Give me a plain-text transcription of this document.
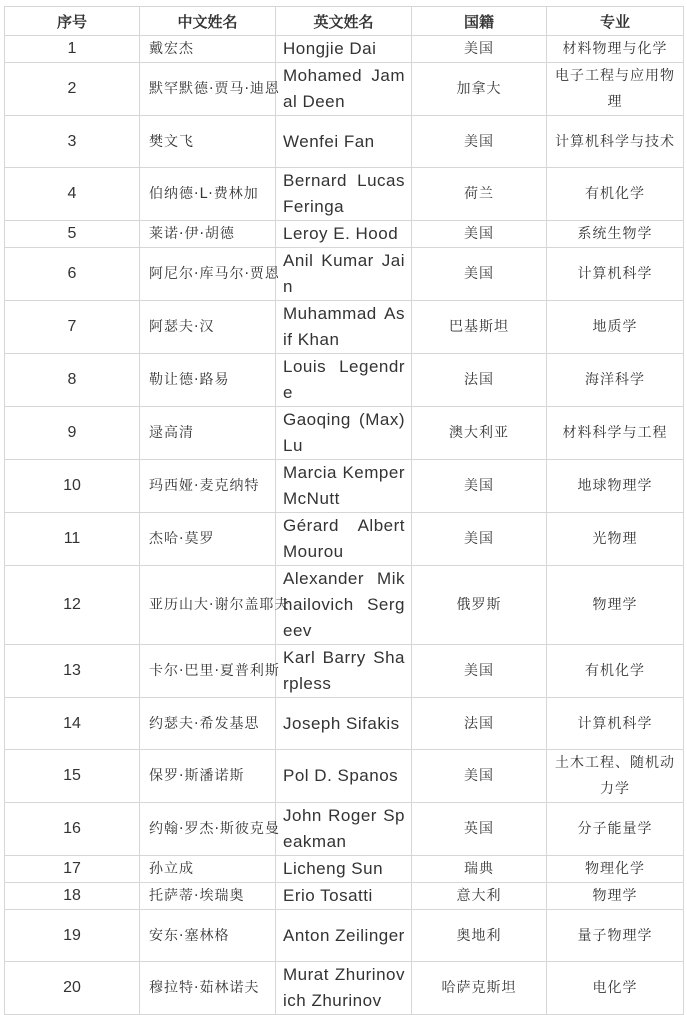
序号	中文姓名	英文姓名	国籍	专业
1	戴宏杰	Hongjie Dai	美国	材料物理与化学
2	默罕默德·贾马·迪恩	Mohamed Jamal Deen	加拿大	电子工程与应用物理
3	樊文飞	Wenfei Fan	美国	计算机科学与技术
4	伯纳德·L·费林加	Bernard Lucas Feringa	荷兰	有机化学
5	莱诺·伊·胡德	Leroy E. Hood	美国	系统生物学
6	阿尼尔·库马尔·贾恩	Anil Kumar Jain	美国	计算机科学
7	阿瑟夫·汉	Muhammad Asif Khan	巴基斯坦	地质学
8	勒让德·路易	Louis Legendre	法国	海洋科学
9	逯高清	Gaoqing (Max) Lu	澳大利亚	材料科学与工程
10	玛西娅·麦克纳特	Marcia Kemper McNutt	美国	地球物理学
11	杰哈·莫罗	Gérard Albert Mourou	美国	光物理
12	亚历山大·谢尔盖耶夫	Alexander Mikhailovich Sergeev	俄罗斯	物理学
13	卡尔·巴里·夏普利斯	Karl Barry Sharpless	美国	有机化学
14	约瑟夫·希发基思	Joseph Sifakis	法国	计算机科学
15	保罗·斯潘诺斯	Pol D. Spanos	美国	土木工程、随机动力学
16	约翰·罗杰·斯彼克曼	John Roger Speakman	英国	分子能量学
17	孙立成	Licheng Sun	瑞典	物理化学
18	托萨蒂·埃瑞奥	Erio Tosatti	意大利	物理学
19	安东·塞林格	Anton Zeilinger	奥地利	量子物理学
20	穆拉特·茹林诺夫	Murat Zhurinovich Zhurinov	哈萨克斯坦	电化学
